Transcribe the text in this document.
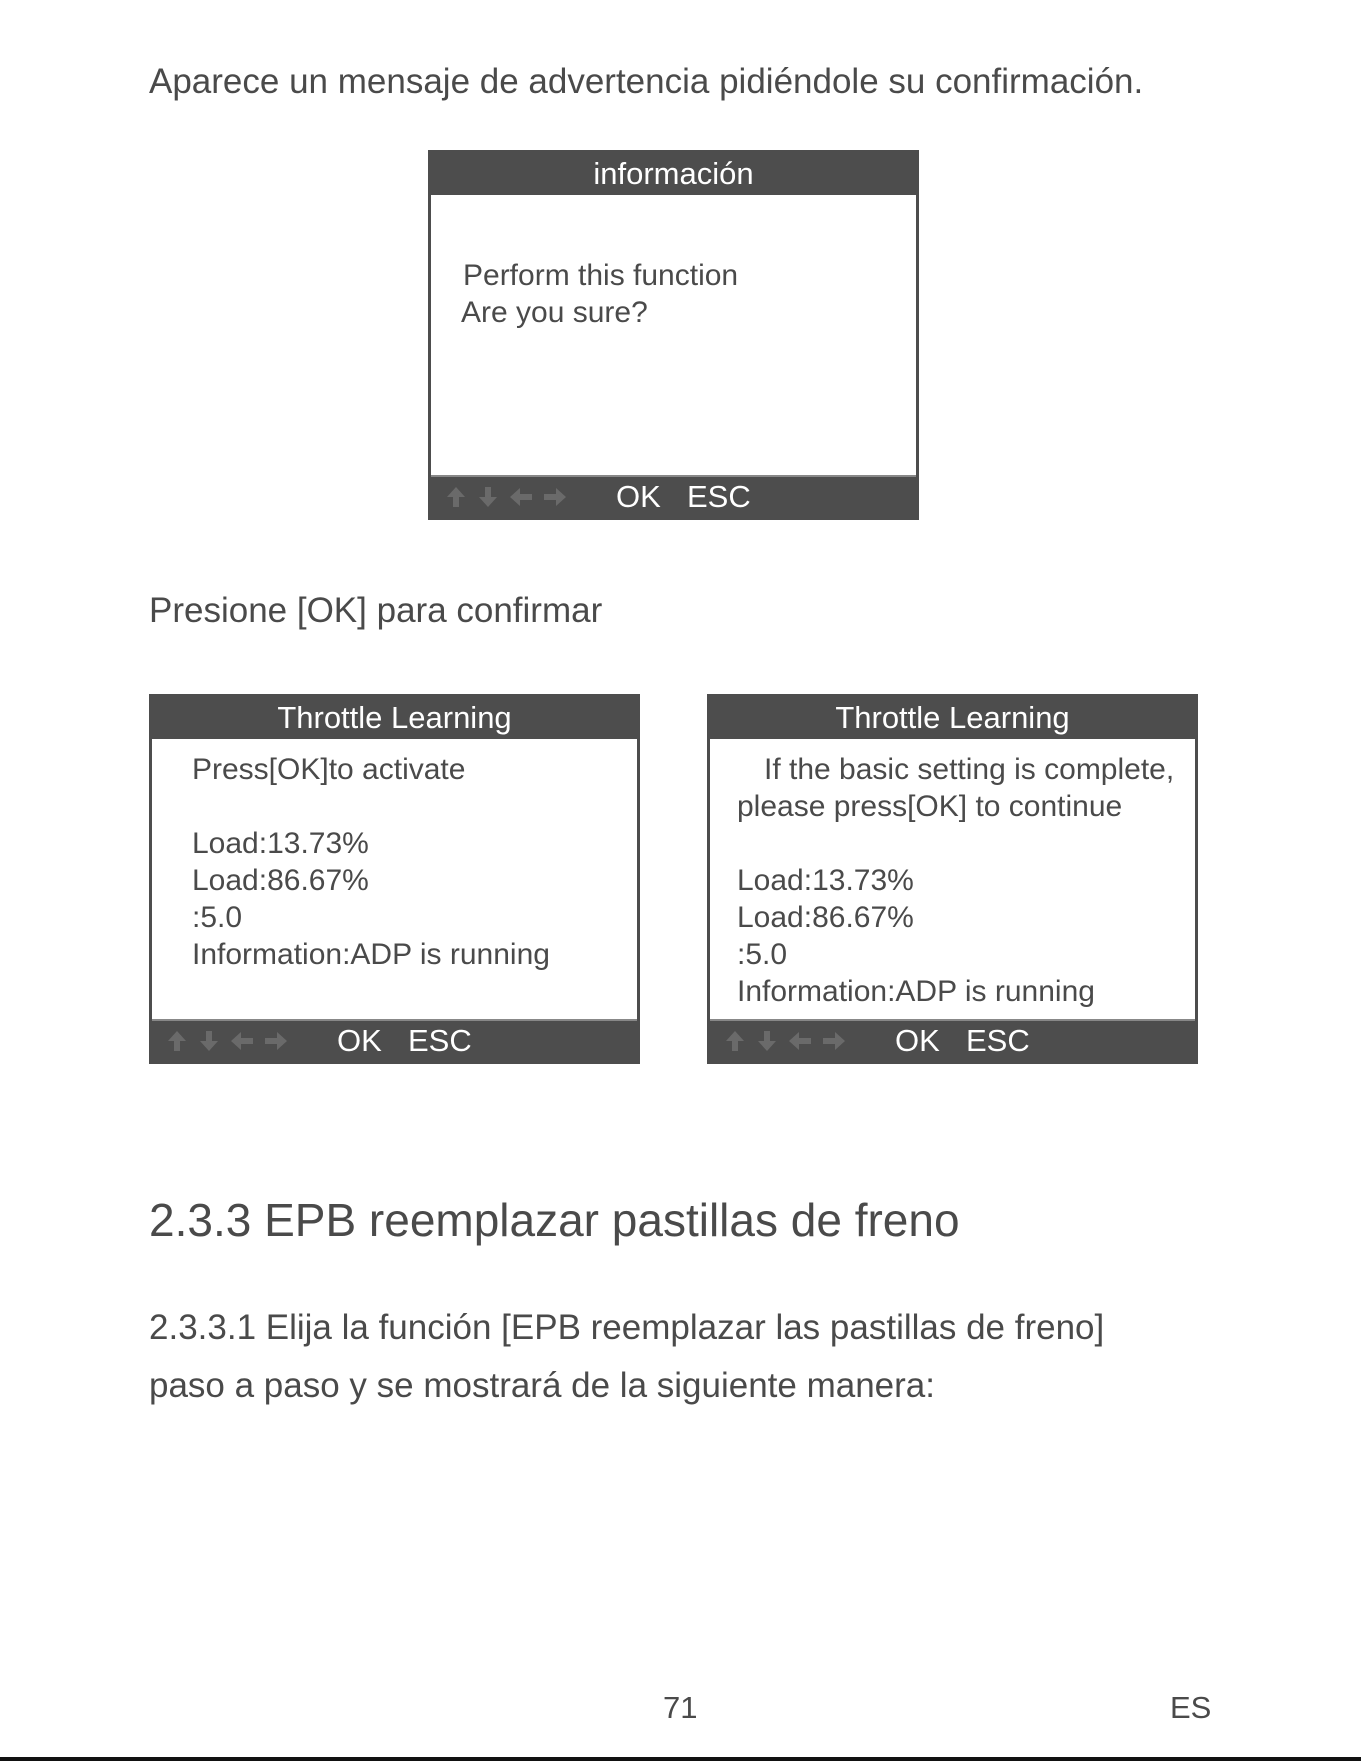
Aparece un mensaje de advertencia pidiéndole su confirmación.

información
Perform this function
Are you sure?
OK ESC

Presione [OK] para confirmar

Throttle Learning
Press[OK]to activate
Load:13.73%
Load:86.67%
:5.0
Information:ADP is running
OK ESC
Throttle Learning
If the basic setting is complete,
please press[OK] to continue
Load:13.73%
Load:86.67%
:5.0
Information:ADP is running
OK ESC
2.3.3 EPB reemplazar pastillas de freno
2.3.3.1 Elija la función [EPB reemplazar las pastillas de freno]
paso a paso y se mostrará de la siguiente manera:
71	ES
